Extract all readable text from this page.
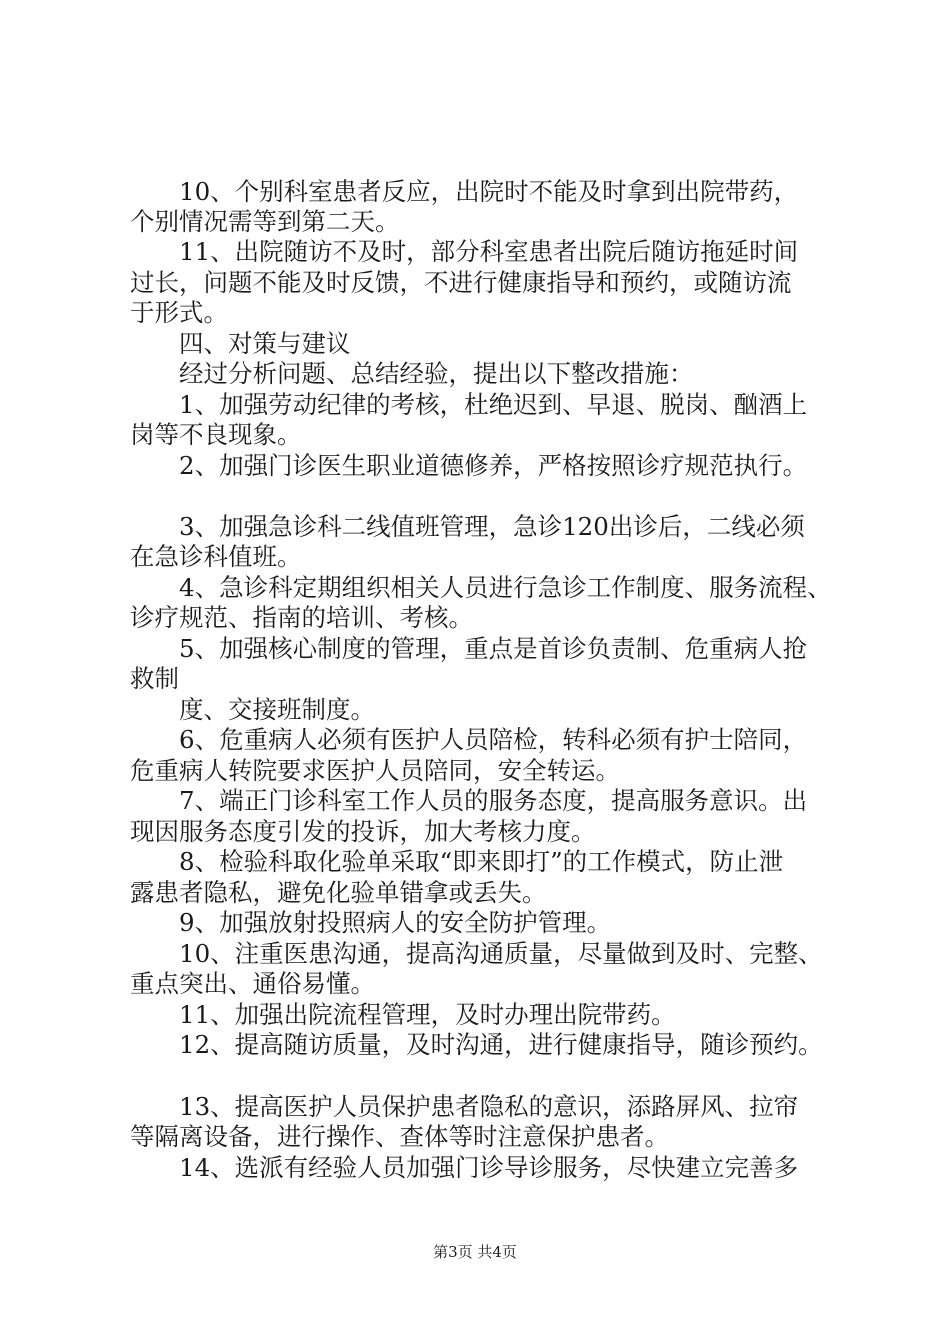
10、个别科室患者反应，出院时不能及时拿到出院带药，
个别情况需等到第二天。
11、出院随访不及时，部分科室患者出院后随访拖延时间
过长，问题不能及时反馈，不进行健康指导和预约，或随访流
于形式。
四、对策与建议
经过分析问题、总结经验，提出以下整改措施：
1、加强劳动纪律的考核，杜绝迟到、早退、脱岗、酗酒上
岗等不良现象。
2、加强门诊医生职业道德修养，严格按照诊疗规范执行。
3、加强急诊科二线值班管理，急诊120出诊后，二线必须
在急诊科值班。
4、急诊科定期组织相关人员进行急诊工作制度、服务流程、
诊疗规范、指南的培训、考核。
5、加强核心制度的管理，重点是首诊负责制、危重病人抢
救制
度、交接班制度。
6、危重病人必须有医护人员陪检，转科必须有护士陪同，
危重病人转院要求医护人员陪同，安全转运。
7、端正门诊科室工作人员的服务态度，提高服务意识。出
现因服务态度引发的投诉，加大考核力度。
8、检验科取化验单采取“即来即打”的工作模式，防止泄
露患者隐私，避免化验单错拿或丢失。
9、加强放射投照病人的安全防护管理。
10、注重医患沟通，提高沟通质量，尽量做到及时、完整、
重点突出、通俗易懂。
11、加强出院流程管理，及时办理出院带药。
12、提高随访质量，及时沟通，进行健康指导，随诊预约。
13、提高医护人员保护患者隐私的意识，添路屏风、拉帘
等隔离设备，进行操作、查体等时注意保护患者。
14、选派有经验人员加强门诊导诊服务，尽快建立完善多
第3页 共4页
